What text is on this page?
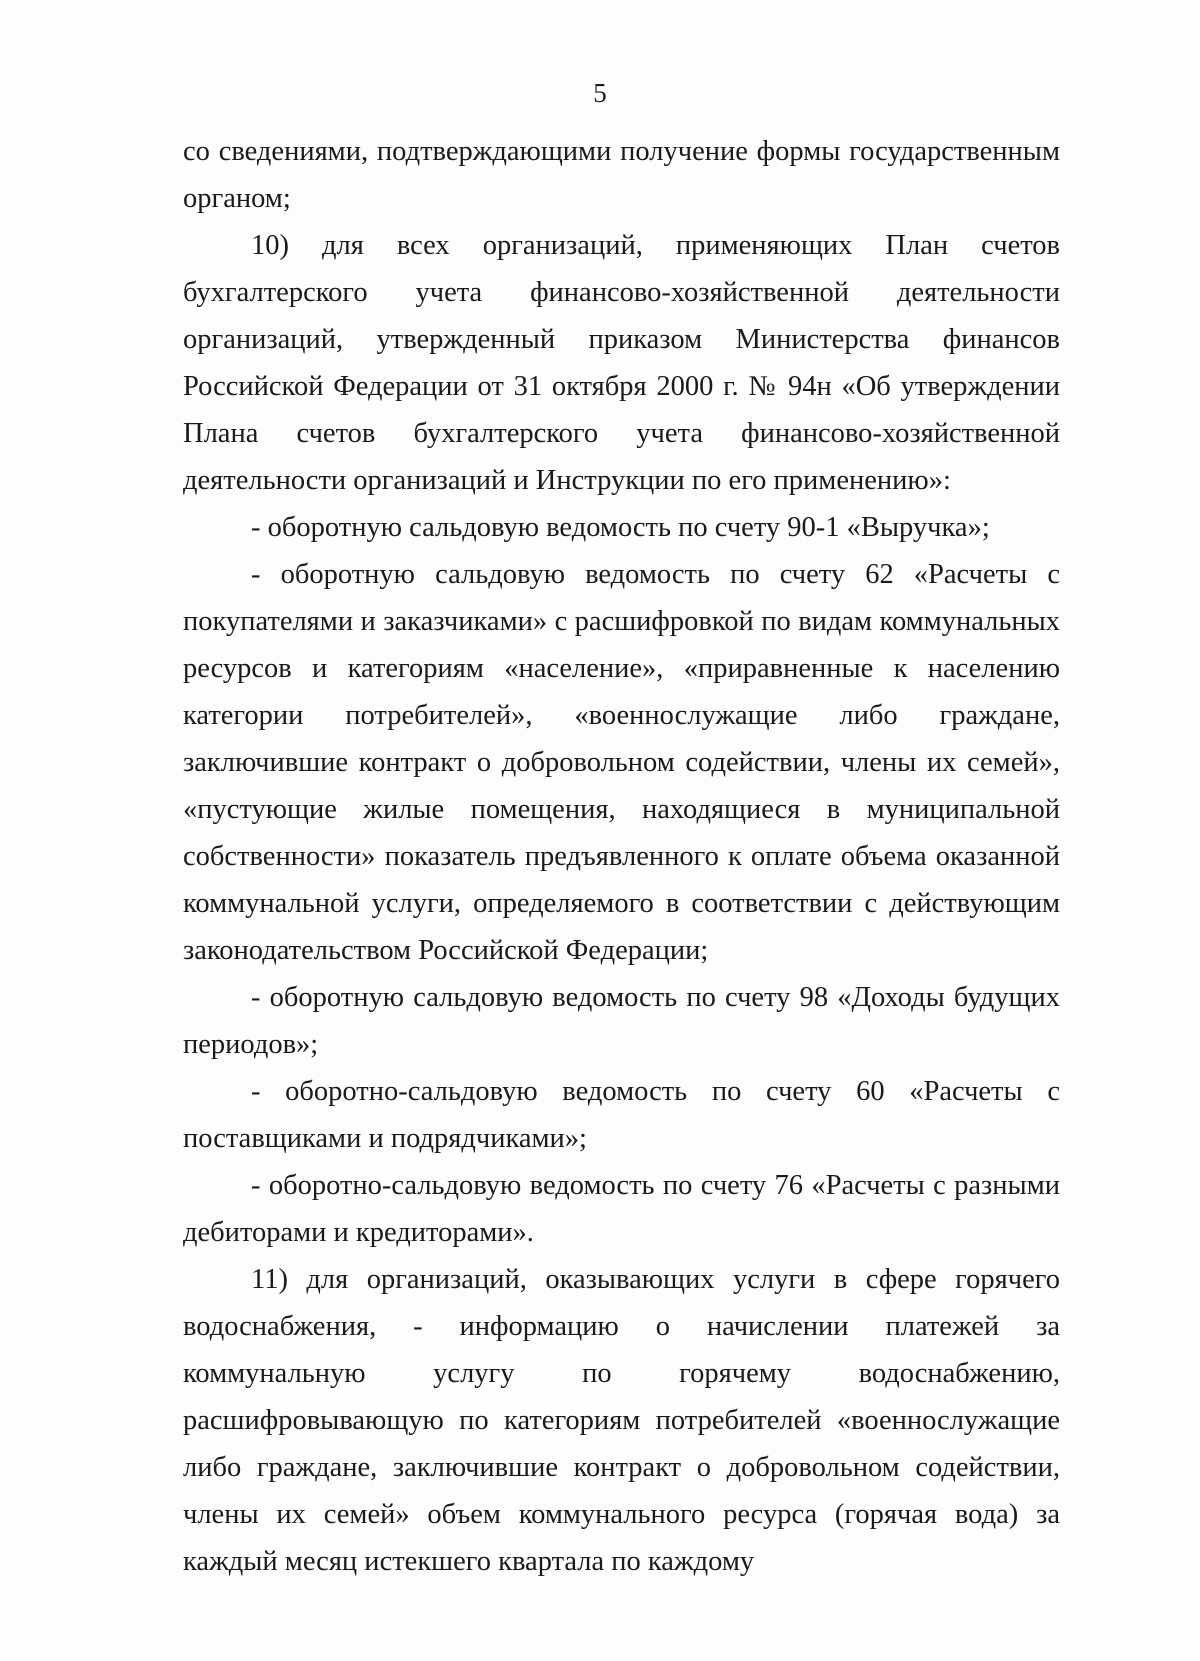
5

со сведениями, подтверждающими получение формы государственным органом;

10) для всех организаций, применяющих План счетов бухгалтерского учета финансово-хозяйственной деятельности организаций, утвержденный приказом Министерства финансов Российской Федерации от 31 октября 2000 г. № 94н «Об утверждении Плана счетов бухгалтерского учета финансово-хозяйственной деятельности организаций и Инструкции по его применению»:

- оборотную сальдовую ведомость по счету 90-1 «Выручка»;

- оборотную сальдовую ведомость по счету 62 «Расчеты с покупателями и заказчиками» с расшифровкой по видам коммунальных ресурсов и категориям «население», «приравненные к населению категории потребителей», «военнослужащие либо граждане, заключившие контракт о добровольном содействии, члены их семей», «пустующие жилые помещения, находящиеся в муниципальной собственности» показатель предъявленного к оплате объема оказанной коммунальной услуги, определяемого в соответствии с действующим законодательством Российской Федерации;

- оборотную сальдовую ведомость по счету 98 «Доходы будущих периодов»;

- оборотно-сальдовую ведомость по счету 60 «Расчеты с поставщиками и подрядчиками»;

- оборотно-сальдовую ведомость по счету 76 «Расчеты с разными дебиторами и кредиторами».

11) для организаций, оказывающих услуги в сфере горячего водоснабжения, - информацию о начислении платежей за коммунальную услугу по горячему водоснабжению, расшифровывающую по категориям потребителей «военнослужащие либо граждане, заключившие контракт о добровольном содействии, члены их семей» объем коммунального ресурса (горячая вода) за каждый месяц истекшего квартала по каждому
